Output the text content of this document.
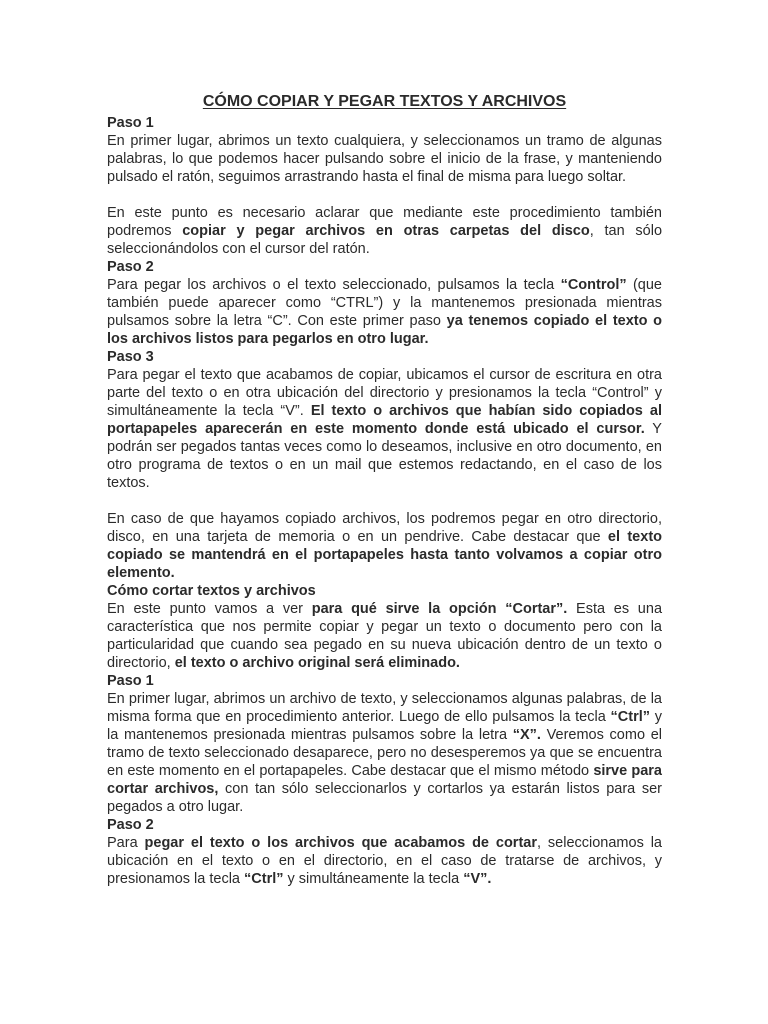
CÓMO COPIAR Y PEGAR TEXTOS Y ARCHIVOS

Paso 1

En primer lugar, abrimos un texto cualquiera, y seleccionamos un tramo de algunas palabras, lo que podemos hacer pulsando sobre el inicio de la frase, y manteniendo pulsado el ratón, seguimos arrastrando hasta el final de misma para luego soltar.

En este punto es necesario aclarar que mediante este procedimiento también podremos copiar y pegar archivos en otras carpetas del disco, tan sólo seleccionándolos con el cursor del ratón.

Paso 2

Para pegar los archivos o el texto seleccionado, pulsamos la tecla “Control” (que también puede aparecer como “CTRL”) y la mantenemos presionada mientras pulsamos sobre la letra “C”. Con este primer paso ya tenemos copiado el texto o los archivos listos para pegarlos en otro lugar.

Paso 3

Para pegar el texto que acabamos de copiar, ubicamos el cursor de escritura en otra parte del texto o en otra ubicación del directorio y presionamos la tecla “Control” y simultáneamente la tecla “V”. El texto o archivos que habían sido copiados al portapapeles aparecerán en este momento donde está ubicado el cursor. Y podrán ser pegados tantas veces como lo deseamos, inclusive en otro documento, en otro programa de textos o en un mail que estemos redactando, en el caso de los textos.

En caso de que hayamos copiado archivos, los podremos pegar en otro directorio, disco, en una tarjeta de memoria o en un pendrive. Cabe destacar que el texto copiado se mantendrá en el portapapeles hasta tanto volvamos a copiar otro elemento.

Cómo cortar textos y archivos

En este punto vamos a ver para qué sirve la opción “Cortar”. Esta es una característica que nos permite copiar y pegar un texto o documento pero con la particularidad que cuando sea pegado en su nueva ubicación dentro de un texto o directorio, el texto o archivo original será eliminado.

Paso 1

En primer lugar, abrimos un archivo de texto, y seleccionamos algunas palabras, de la misma forma que en procedimiento anterior. Luego de ello pulsamos la tecla “Ctrl” y la mantenemos presionada mientras pulsamos sobre la letra “X”. Veremos como el tramo de texto seleccionado desaparece, pero no desesperemos ya que se encuentra en este momento en el portapapeles. Cabe destacar que el mismo método sirve para cortar archivos, con tan sólo seleccionarlos y cortarlos ya estarán listos para ser pegados a otro lugar.

Paso 2

Para pegar el texto o los archivos que acabamos de cortar, seleccionamos la ubicación en el texto o en el directorio, en el caso de tratarse de archivos, y presionamos la tecla “Ctrl” y simultáneamente la tecla “V”.
